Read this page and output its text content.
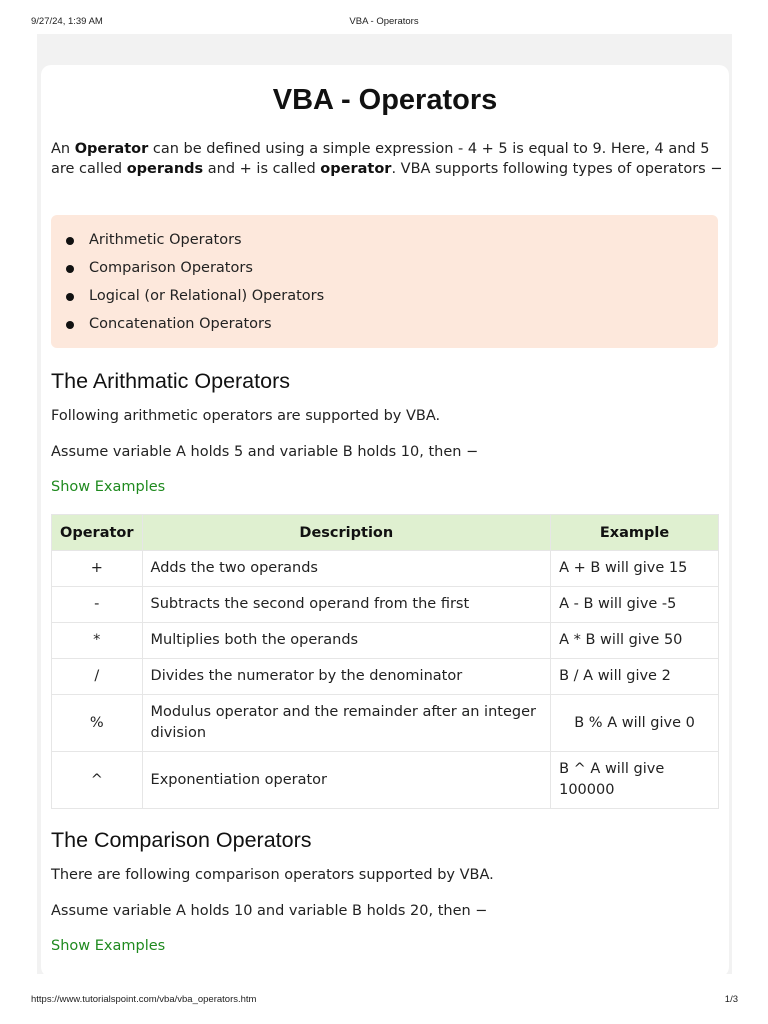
9/27/24, 1:39 AM	VBA - Operators
VBA - Operators

An Operator can be defined using a simple expression - 4 + 5 is equal to 9. Here, 4 and 5 are called operands and + is called operator. VBA supports following types of operators −

Arithmetic Operators
Comparison Operators
Logical (or Relational) Operators
Concatenation Operators
The Arithmatic Operators

Following arithmetic operators are supported by VBA.

Assume variable A holds 5 and variable B holds 10, then −

Show Examples
Operator	Description	Example
+	Adds the two operands	A + B will give 15
-	Subtracts the second operand from the first	A - B will give -5
*	Multiplies both the operands	A * B will give 50
/	Divides the numerator by the denominator	B / A will give 2
%	Modulus operator and the remainder after an integer division	B % A will give 0
^	Exponentiation operator	B ^ A will give 100000
The Comparison Operators

There are following comparison operators supported by VBA.

Assume variable A holds 10 and variable B holds 20, then −

Show Examples
https://www.tutorialspoint.com/vba/vba_operators.htm	1/3
